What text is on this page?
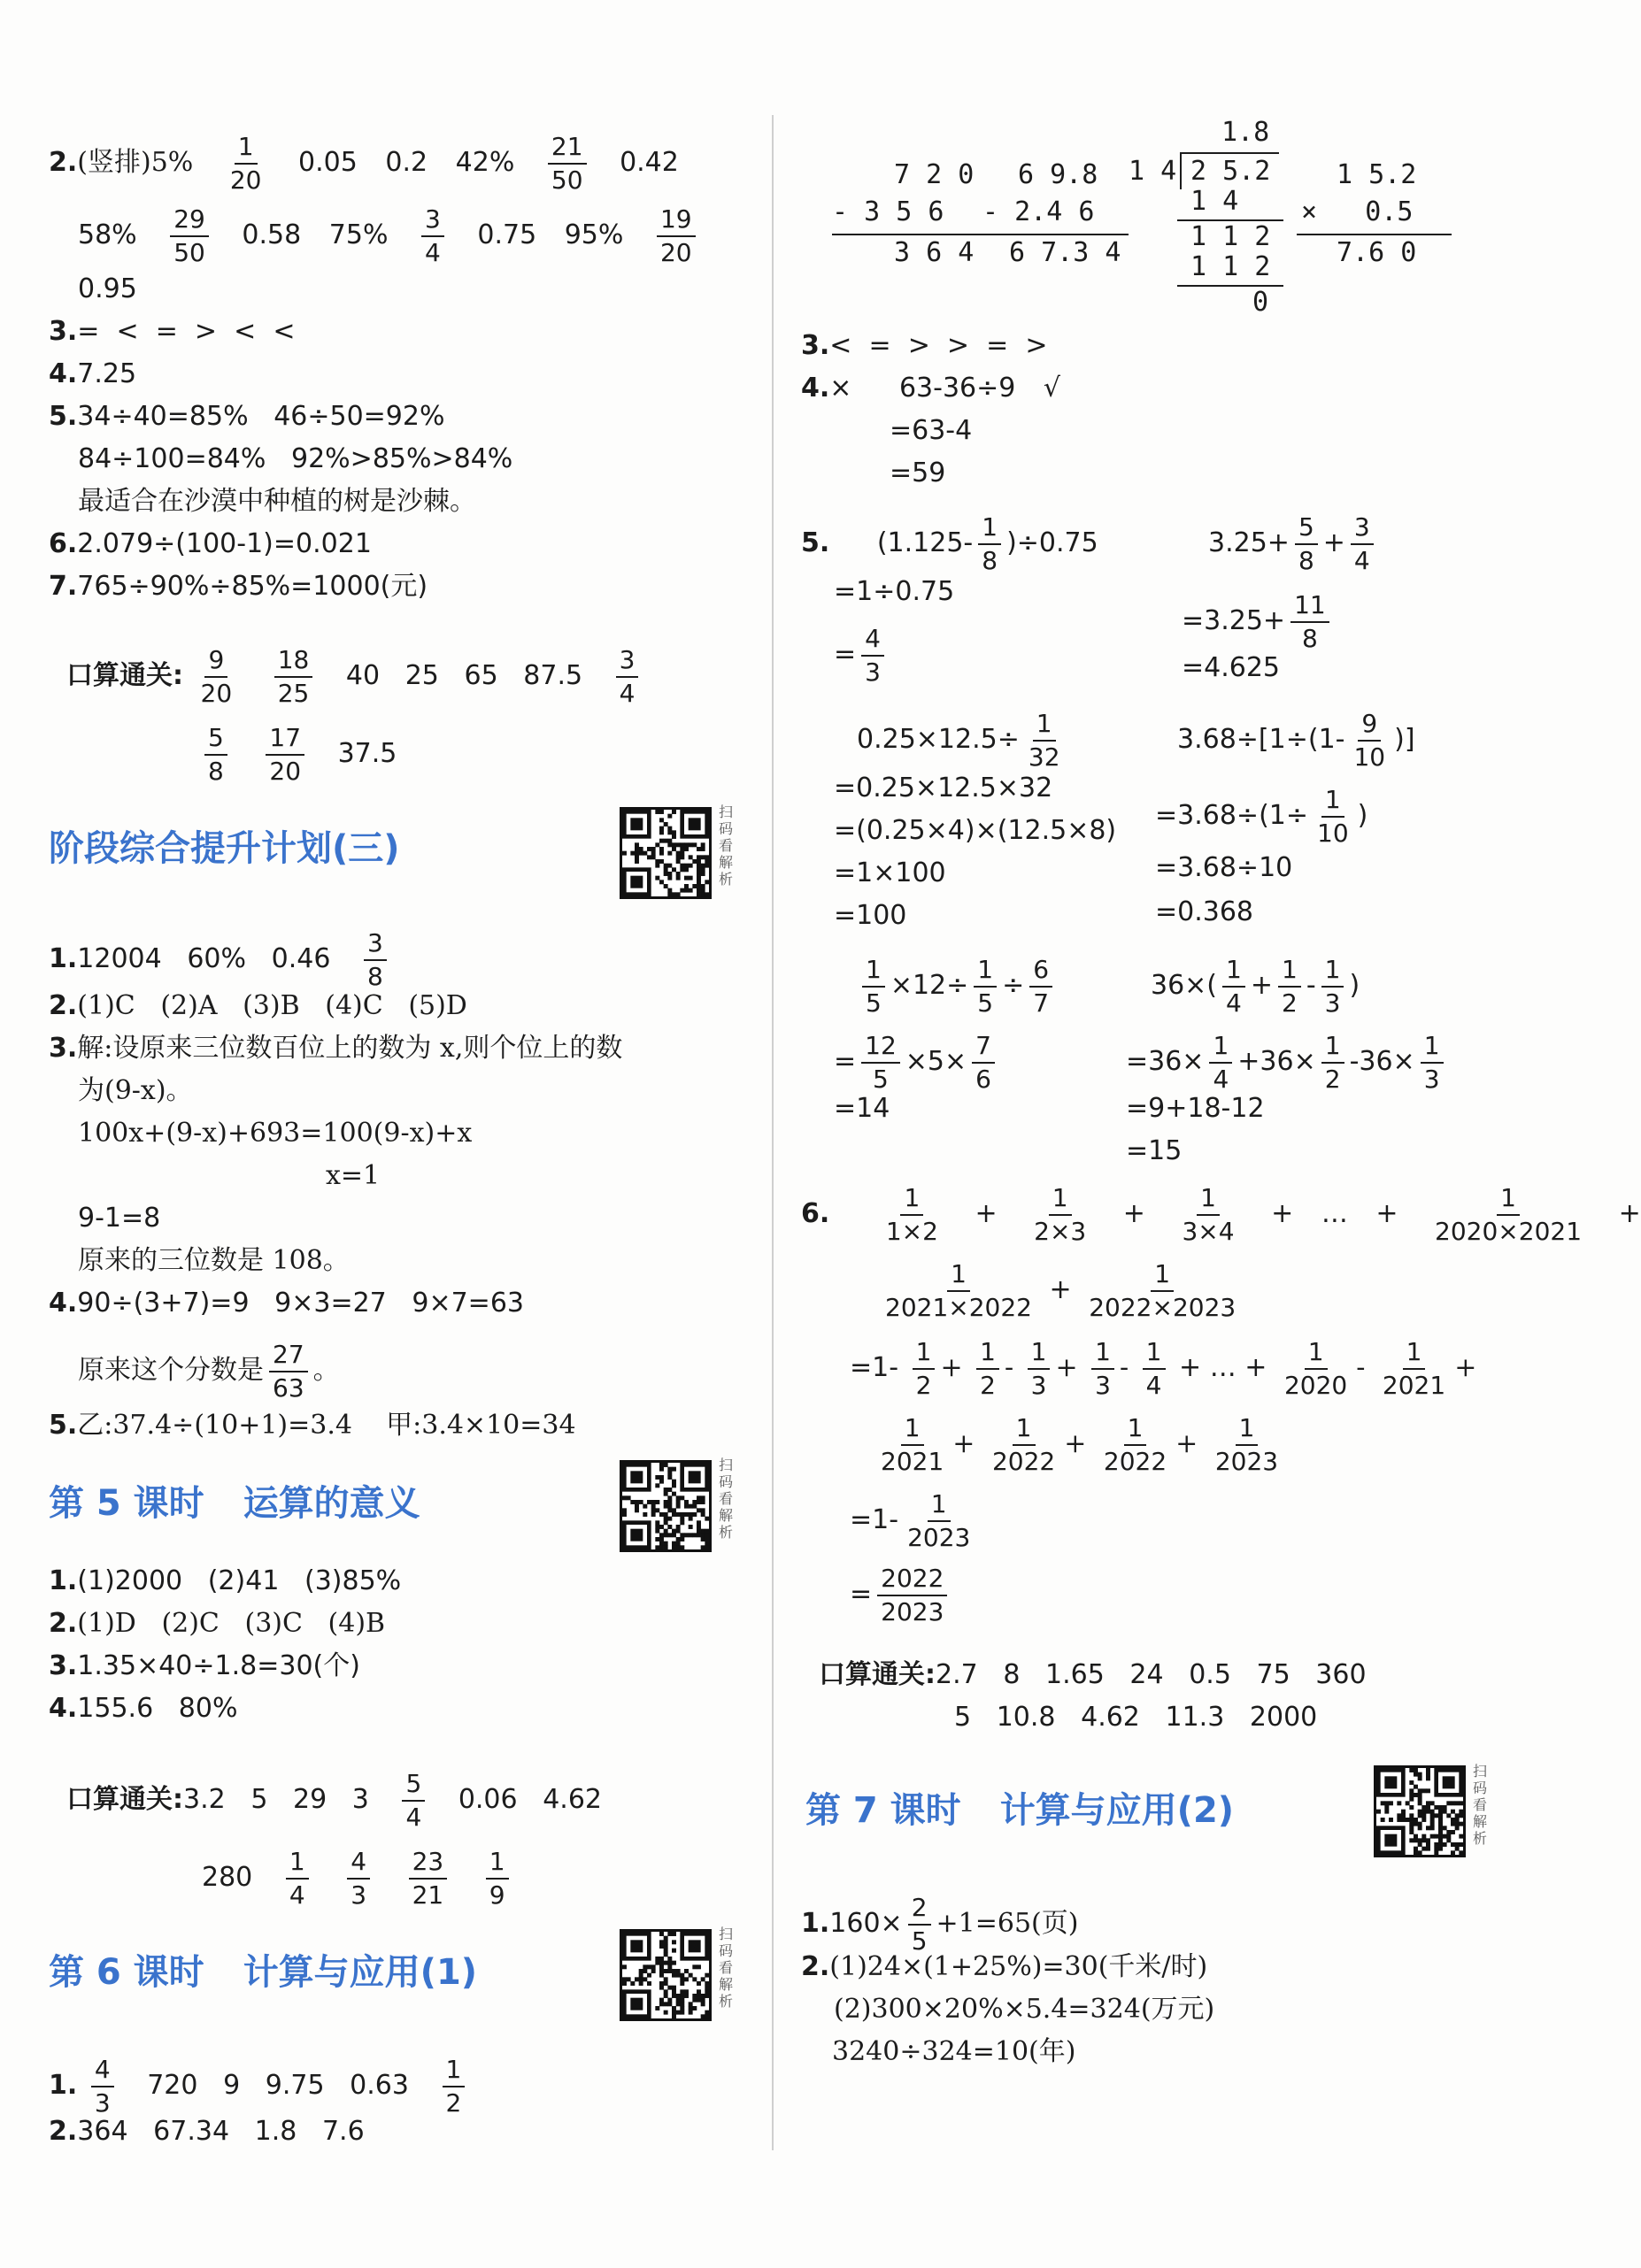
2.(竖排)$5\% \frac{1}{20} 0.05$ 0.2 $42\% \frac{21}{50} 0.42$
$58\% \frac{29}{50} 0.58$ $75\% \frac{3}{4} 0.75$ $95\% \frac{19}{20}$
0.95
3.=  <  =  >  <  <
4.7.25
5.34÷40=85%   46÷50=92%
84÷100=84%   92%>85%>84%
最适合在沙漠中种植的树是沙棘。
6.2.079÷(100-1)=0.021
7.765÷90%÷85%=1000(元)
口算通关: $\frac{9}{20}$
$\frac{18}{25} 40$   25   65   $87.5 \frac{3}{4}$
$\frac{5}{8}$
$\frac{17}{20} 37.5$
阶段综合提升计划(三)
扫码看解析
1.12004   60%   $0.46 \frac{3}{8}$
2.(1)C   (2)A   (3)B   (4)C   (5)D
3.解:设原来三位数百位上的数为 x,则个位上的数
为(9-x)。
100x+(9-x)+693=100(9-x)+x
x=1
9-1=8
原来的三位数是 108。
4.90÷(3+7)=9   9×3=27   9×7=63
原来这个分数是 $\frac{27}{63}$ 。
5.乙:37.4÷(10+1)=3.4    甲:3.4×10=34
第 5 课时 运算的意义
扫码看解析
1.(1)2000   (2)41   (3)85%
2.(1)D   (2)C   (3)C   (4)B
3.1.35×40÷1.8=30(个)
4.155.6   80%
口算通关:3.2   5   29   $3 \frac{5}{4} 0.06$   4.62
$280 \frac{1}{4}$
$\frac{4}{3}$
$\frac{23}{21}$
$\frac{1}{9}$
第 6 课时 计算与应用(1)
扫码看解析
1. $\frac{4}{3} 720$   9   9.75   $0.63 \frac{1}{2}$
2.364   67.34   1.8   7.6
7 2 0
- 3 5 6
3 6 4
6 9.8
- 2.4 6
6 7.3 4
1.8
1 4 2 5.2
1 4
1 1 2
1 1 2
0
1 5.2
×   0.5
7.6 0
3.<  =  >  >  =  >
4.× 63-36÷9 √
=63-4
=59
5. $(1.125- \frac{1}{8} )\div 0.75$
=1÷0.75
= $\frac{4}{3}$
$3.25+ \frac{5}{8} + \frac{3}{4}$
$=3.25+ \frac{11}{8}$
=4.625
$0.25\times 12.5\div \frac{1}{32}$
=0.25×12.5×32
=(0.25×4)×(12.5×8)
=1×100
=100
$3.68\div[1\div(1- \frac{9}{10}$ )]
$=3.68\div(1\div \frac{1}{10}$ )
=3.68÷10
=0.368
$\frac{1}{5} \times 12\div \frac{1}{5} \div \frac{6}{7}$
= $\frac{12}{5} \times 5\times \frac{7}{6}$
=14
$36\times( \frac{1}{4} + \frac{1}{2} - \frac{1}{3}$ )
$=36\times \frac{1}{4} +36\times \frac{1}{2} -36\times \frac{1}{3}$
=9+18-12
=15
6. $\frac{1}{1\times 2} + \frac{1}{2\times 3} + \frac{1}{3\times 4}$ + … + $\frac{1}{2020\times 2021}$ +
$\frac{1}{2021\times 2022} + \frac{1}{2022\times 2023}$
$=1- \frac{1}{2} + \frac{1}{2} - \frac{1}{3} + \frac{1}{3} - \frac{1}{4}$ + … + $\frac{1}{2020} - \frac{1}{2021}$ +
$\frac{1}{2021} + \frac{1}{2022} + \frac{1}{2022} + \frac{1}{2023}$
$=1- \frac{1}{2023}$
= $\frac{2022}{2023}$
口算通关:2.7   8   1.65   24   0.5   75   360
5   10.8   4.62   11.3   2000
第 7 课时 计算与应用(2)
扫码看解析
$1.160\times \frac{2}{5} +1=65$(页)
2.(1)24×(1+25%)=30(千米/时)
(2)300×20%×5.4=324(万元)
3240÷324=10(年)
